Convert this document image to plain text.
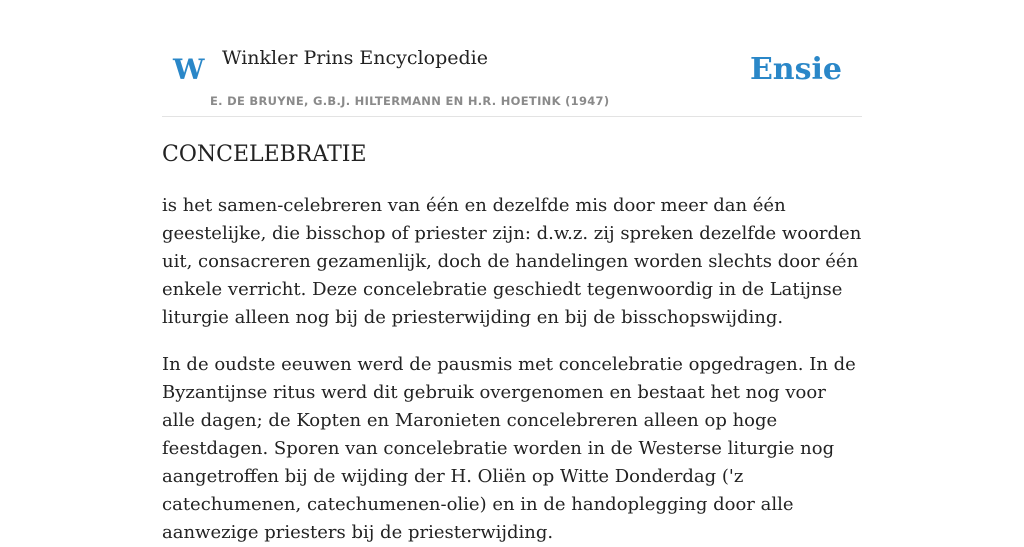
W Winkler Prins Encyclopedie
E. DE BRUYNE, G.B.J. HILTERMANN EN H.R. HOETINK (1947)
Ensie
CONCELEBRATIE

is het samen-celebreren van één en dezelfde mis door meer dan één geestelijke, die bisschop of priester zijn: d.w.z. zij spreken dezelfde woorden uit, consacreren gezamenlijk, doch de handelingen worden slechts door één enkele verricht. Deze concelebratie geschiedt tegenwoordig in de Latijnse liturgie alleen nog bij de priesterwijding en bij de bisschopswijding.

In de oudste eeuwen werd de pausmis met concelebratie opgedragen. In de Byzantijnse ritus werd dit gebruik overgenomen en bestaat het nog voor alle dagen; de Kopten en Maronieten concelebreren alleen op hoge feestdagen. Sporen van concelebratie worden in de Westerse liturgie nog aangetroffen bij de wijding der H. Oliën op Witte Donderdag ('z catechumenen, catechumenen-olie) en in de handoplegging door alle aanwezige priesters bij de priesterwijding.
